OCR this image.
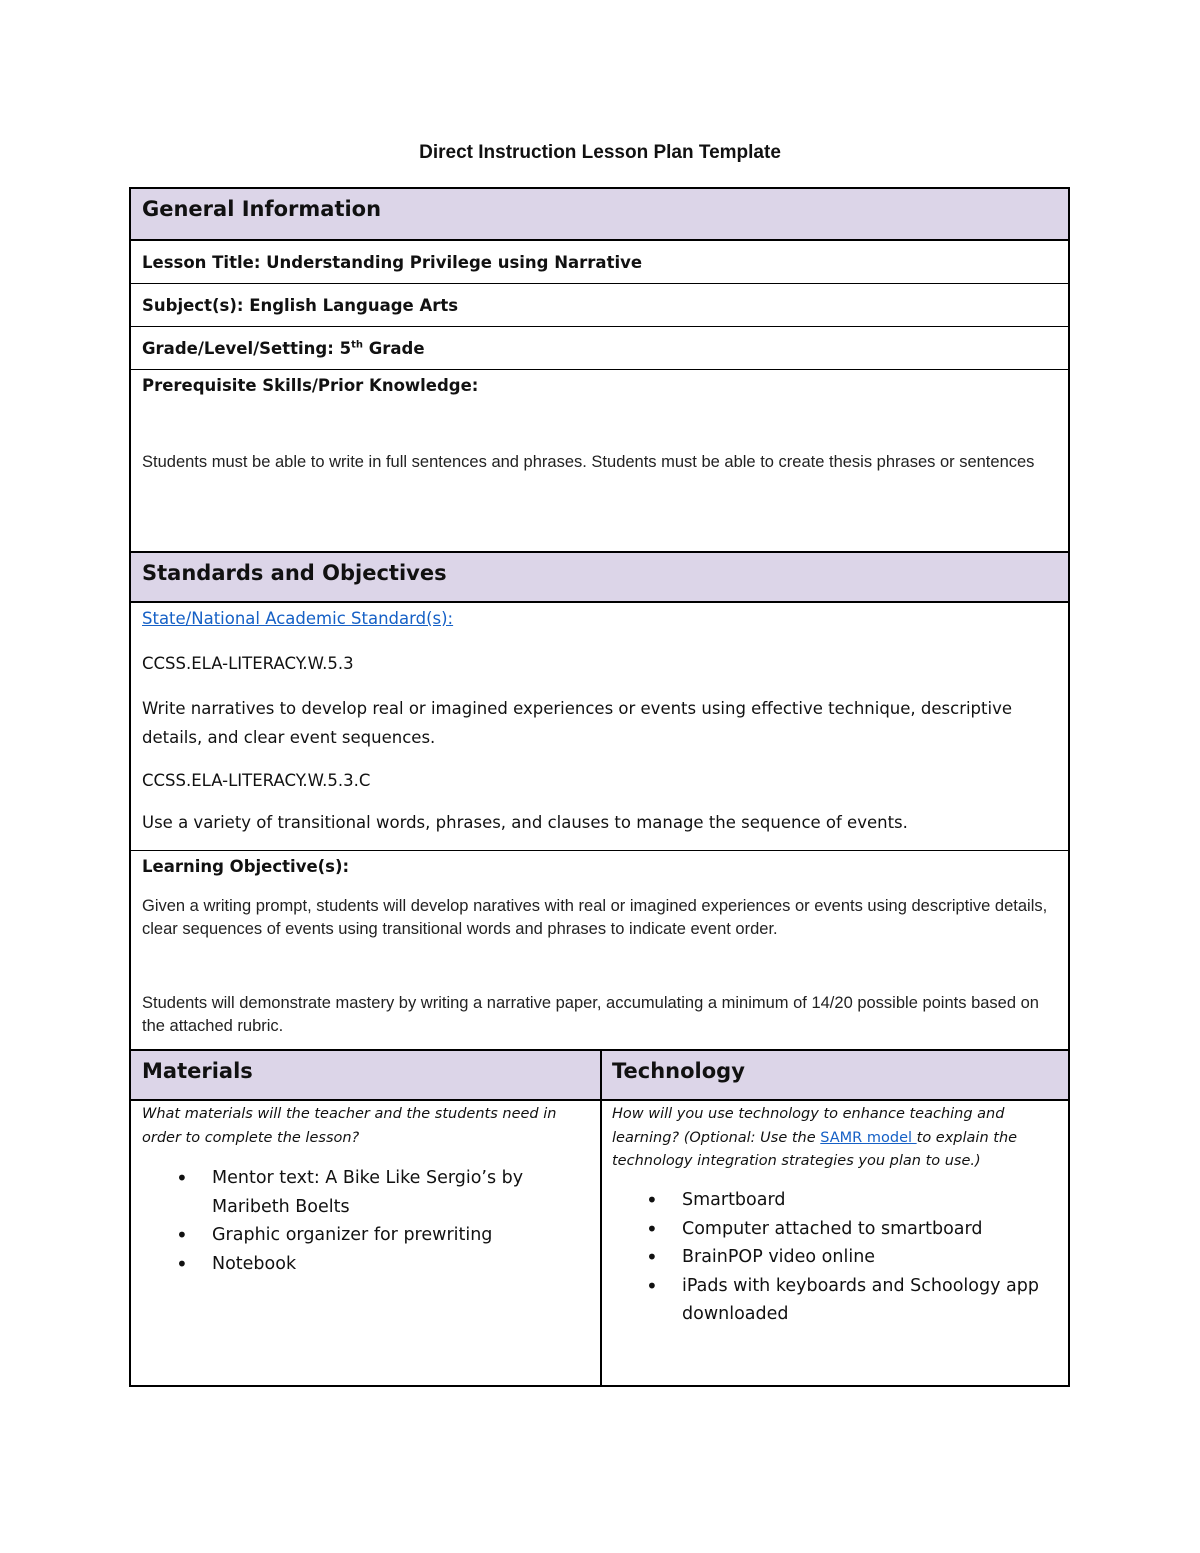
Direct Instruction Lesson Plan Template
General Information
Lesson Title: Understanding Privilege using Narrative
Subject(s): English Language Arts
Grade/Level/Setting: 5th Grade
Prerequisite Skills/Prior Knowledge:
Students must be able to write in full sentences and phrases. Students must be able to create thesis phrases or sentences
Standards and Objectives
State/National Academic Standard(s):
CCSS.ELA-LITERACY.W.5.3
Write narratives to develop real or imagined experiences or events using effective technique, descriptive details, and clear event sequences.
CCSS.ELA-LITERACY.W.5.3.C
Use a variety of transitional words, phrases, and clauses to manage the sequence of events.
Learning Objective(s):
Given a writing prompt, students will develop naratives with real or imagined experiences or events using descriptive details, clear sequences of events using transitional words and phrases to indicate event order.
Students will demonstrate mastery by writing a narrative paper, accumulating a minimum of 14/20 possible points based on the attached rubric.
Materials	Technology
What materials will the teacher and the students need in order to complete the lesson?
• Mentor text: A Bike Like Sergio’s by Maribeth Boelts
• Graphic organizer for prewriting
• Notebook
How will you use technology to enhance teaching and learning? (Optional: Use the SAMR model to explain the technology integration strategies you plan to use.)
• Smartboard
• Computer attached to smartboard
• BrainPOP video online
• iPads with keyboards and Schoology app downloaded
